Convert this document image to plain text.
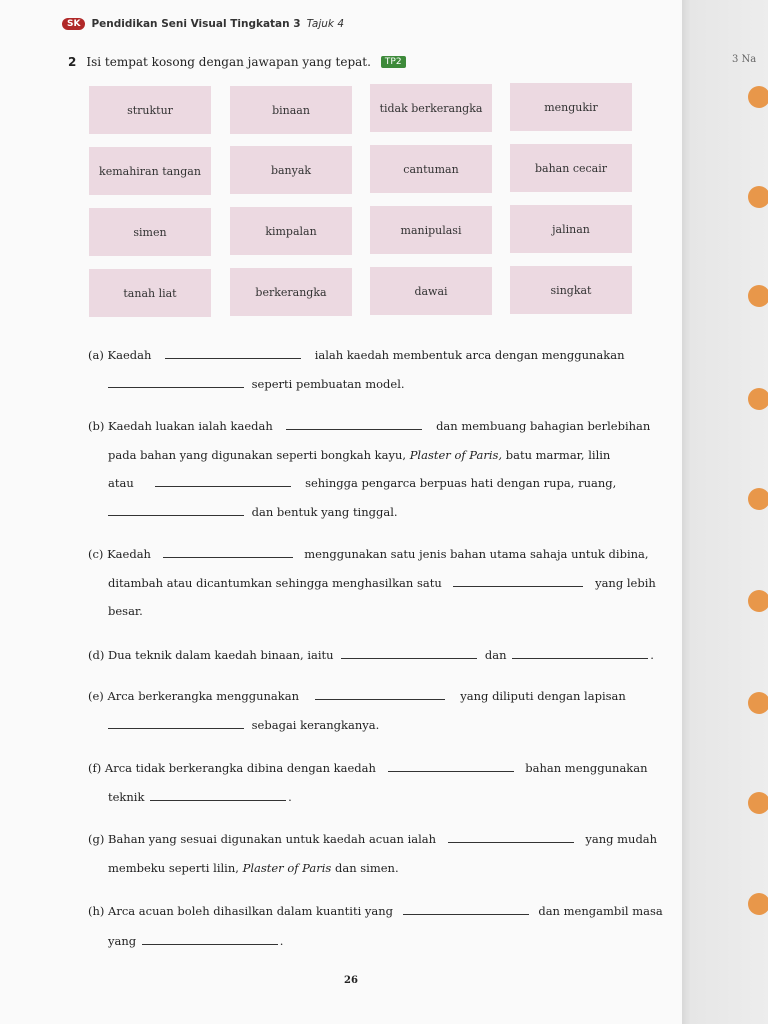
SK	Pendidikan Seni Visual Tingkatan 3 Tajuk 4
2 Isi tempat kosong dengan jawapan yang tepat.	TP2
struktur	binaan	tidak berkerangka	mengukir
kemahiran tangan	banyak	cantuman	bahan cecair
simen	kimpalan	manipulasi	jalinan
tanah liat	berkerangka	dawai	singkat
(a) Kaedah	ialah kaedah membentuk arca dengan menggunakan
seperti pembuatan model.
(b) Kaedah luakan ialah kaedah	dan membuang bahagian berlebihan
pada bahan yang digunakan seperti bongkah kayu, Plaster of Paris, batu marmar, lilin
atau	sehingga pengarca berpuas hati dengan rupa, ruang,
dan bentuk yang tinggal.
(c) Kaedah	menggunakan satu jenis bahan utama sahaja untuk dibina,
ditambah atau dicantumkan sehingga menghasilkan satu	yang lebih
besar.
(d) Dua teknik dalam kaedah binaan, iaitu	dan	.
(e) Arca berkerangka menggunakan	yang diliputi dengan lapisan
sebagai kerangkanya.
(f) Arca tidak berkerangka dibina dengan kaedah	bahan menggunakan
teknik	.
(g) Bahan yang sesuai digunakan untuk kaedah acuan ialah	yang mudah
membeku seperti lilin, Plaster of Paris dan simen.
(h) Arca acuan boleh dihasilkan dalam kuantiti yang	dan mengambil masa
yang	.
26
3 Na
